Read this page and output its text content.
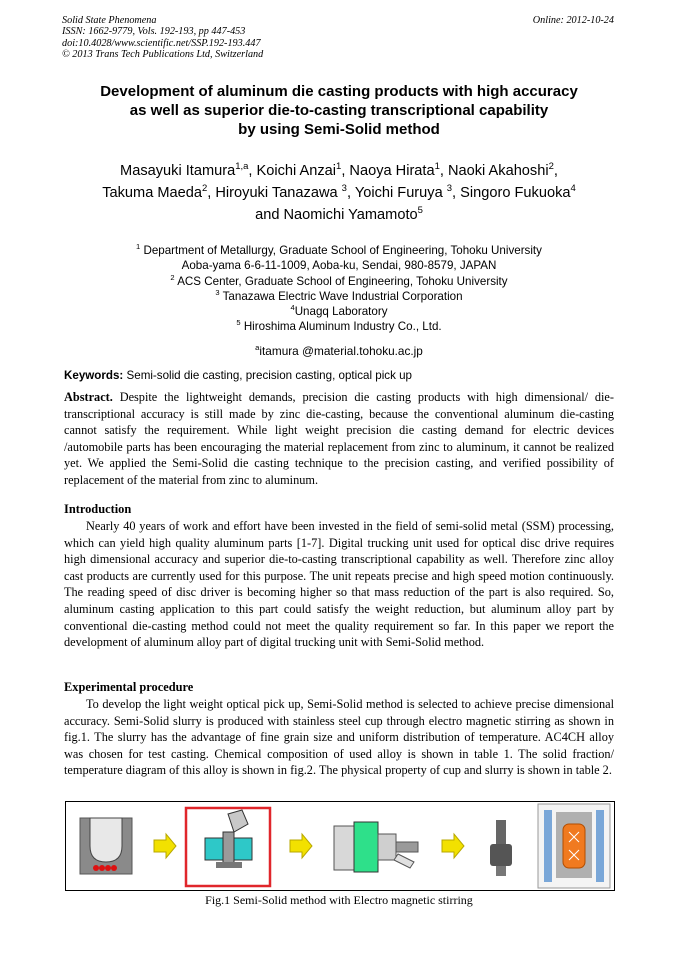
Solid State Phenomena
ISSN: 1662-9779, Vols. 192-193, pp 447-453
doi:10.4028/www.scientific.net/SSP.192-193.447
© 2013 Trans Tech Publications Ltd, Switzerland
Online: 2012-10-24
Development of aluminum die casting products with high accuracy
as well as superior die-to-casting transcriptional capability
by using Semi-Solid method
Masayuki Itamura$^{1,a}$, Koichi Anzai$^1$, Naoya Hirata$^1$, Naoki Akahoshi$^2$,
Takuma Maeda$^2$, Hiroyuki Tanazawa $^3$, Yoichi Furuya $^3$, Singoro Fukuoka$^4$
and Naomichi Yamamoto$^5$
$^1$ Department of Metallurgy, Graduate School of Engineering, Tohoku University
Aoba-yama 6-6-11-1009, Aoba-ku, Sendai, 980-8579, JAPAN
$^2$ ACS Center, Graduate School of Engineering, Tohoku University
$^3$ Tanazawa Electric Wave Industrial Corporation
$^4$Unagq Laboratory
$^5$ Hiroshima Aluminum Industry Co., Ltd.
$^a$itamura @material.tohoku.ac.jp
Keywords: Semi-solid die casting, precision casting, optical pick up

Abstract. Despite the lightweight demands, precision die casting products with high dimensional/ die-transcriptional accuracy is still made by zinc die-casting, because the conventional aluminum die-casting cannot satisfy the requirement. While light weight precision die casting demand for electric devices /automobile parts has been encouraging the material replacement from zinc to aluminum, it cannot be realized yet. We applied the Semi-Solid die casting technique to the precision casting, and verified possibility of replacement of the material from zinc to aluminum.

Introduction
Nearly 40 years of work and effort have been invested in the field of semi-solid metal (SSM) processing, which can yield high quality aluminum parts [1-7]. Digital trucking unit used for optical disc drive requires high dimensional accuracy and superior die-to-casting transcriptional capability as well. Therefore zinc alloy cast products are currently used for this purpose. The unit repeats precise and high speed motion continuously. The reading speed of disc driver is becoming higher so that mass reduction of the part is also required. So, aluminum casting application to this part could satisfy the weight reduction, but aluminum alloy part by conventional die-casting method could not meet the quality requirement so far. In this paper we report the development of aluminum alloy part of digital trucking unit with Semi-Solid method.
Experimental procedure
To develop the light weight optical pick up, Semi-Solid method is selected to achieve precise dimensional accuracy. Semi-Solid slurry is produced with stainless steel cup through electro magnetic stirring as shown in fig.1. The slurry has the advantage of fine grain size and uniform distribution of temperature. AC4CH alloy was chosen for test casting. Chemical composition of used alloy is shown in table 1. The solid fraction/ temperature diagram of this alloy is shown in fig.2. The physical property of cup and slurry is shown in table 2.
Fig.1 Semi-Solid method with Electro magnetic stirring
